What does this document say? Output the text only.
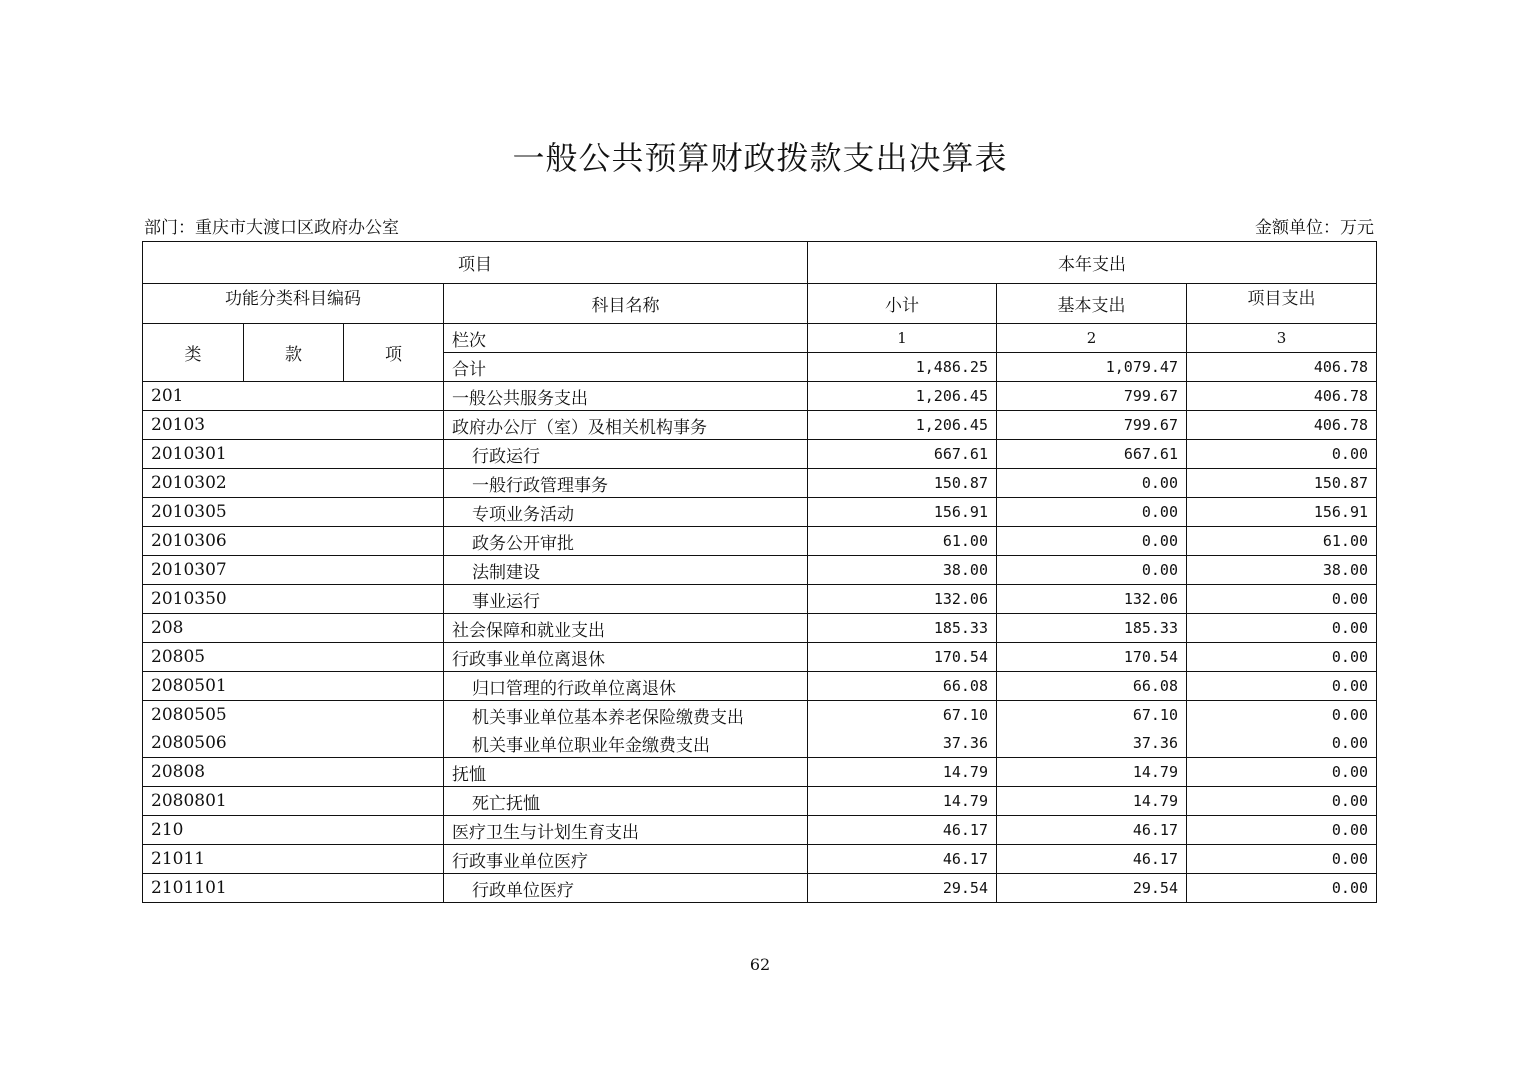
一般公共预算财政拨款支出决算表
部门：重庆市大渡口区政府办公室	金额单位：万元
项目				本年支出		
功能分类科目编码			科目名称	小计	基本支出	项目支出
类	款	项	栏次	1	2	3
			合计	1,486.25	1,079.47	406.78
201			一般公共服务支出	1,206.45	799.67	406.78
20103			政府办公厅（室）及相关机构事务	1,206.45	799.67	406.78
2010301			行政运行	667.61	667.61	0.00
2010302			一般行政管理事务	150.87	0.00	150.87
2010305			专项业务活动	156.91	0.00	156.91
2010306			政务公开审批	61.00	0.00	61.00
2010307			法制建设	38.00	0.00	38.00
2010350			事业运行	132.06	132.06	0.00
208			社会保障和就业支出	185.33	185.33	0.00
20805			行政事业单位离退休	170.54	170.54	0.00
2080501			归口管理的行政单位离退休	66.08	66.08	0.00
2080505			机关事业单位基本养老保险缴费支出	67.10	67.10	0.00
2080506			机关事业单位职业年金缴费支出	37.36	37.36	0.00
20808			抚恤	14.79	14.79	0.00
2080801			死亡抚恤	14.79	14.79	0.00
210			医疗卫生与计划生育支出	46.17	46.17	0.00
21011			行政事业单位医疗	46.17	46.17	0.00
2101101			行政单位医疗	29.54	29.54	0.00
62
